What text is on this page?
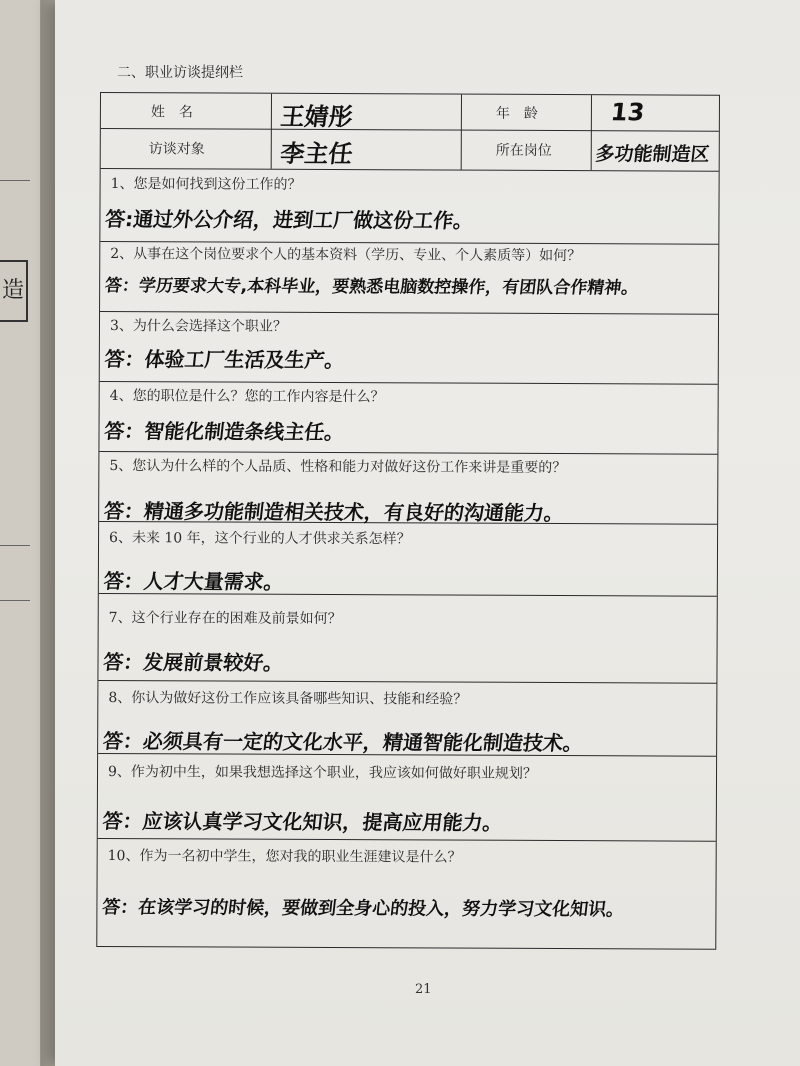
造
二、职业访谈提纲栏
姓　名	王婧彤	年　龄	13
访谈对象	李主任	所在岗位 多功能制造区
1、您是如何找到这份工作的？
答:通过外公介绍，进到工厂做这份工作。
2、从事在这个岗位要求个人的基本资料（学历、专业、个人素质等）如何？
答：学历要求大专,本科毕业，要熟悉电脑数控操作，有团队合作精神。
3、为什么会选择这个职业？
答：体验工厂生活及生产。
4、您的职位是什么？您的工作内容是什么？
答：智能化制造条线主任。
5、您认为什么样的个人品质、性格和能力对做好这份工作来讲是重要的？
答：精通多功能制造相关技术，有良好的沟通能力。
6、未来 10 年，这个行业的人才供求关系怎样？
答：人才大量需求。
7、这个行业存在的困难及前景如何？
答：发展前景较好。
8、你认为做好这份工作应该具备哪些知识、技能和经验？
答：必须具有一定的文化水平，精通智能化制造技术。
9、作为初中生，如果我想选择这个职业，我应该如何做好职业规划？
答：应该认真学习文化知识，提高应用能力。
10、作为一名初中学生，您对我的职业生涯建议是什么？
答：在该学习的时候，要做到全身心的投入，努力学习文化知识。
21
